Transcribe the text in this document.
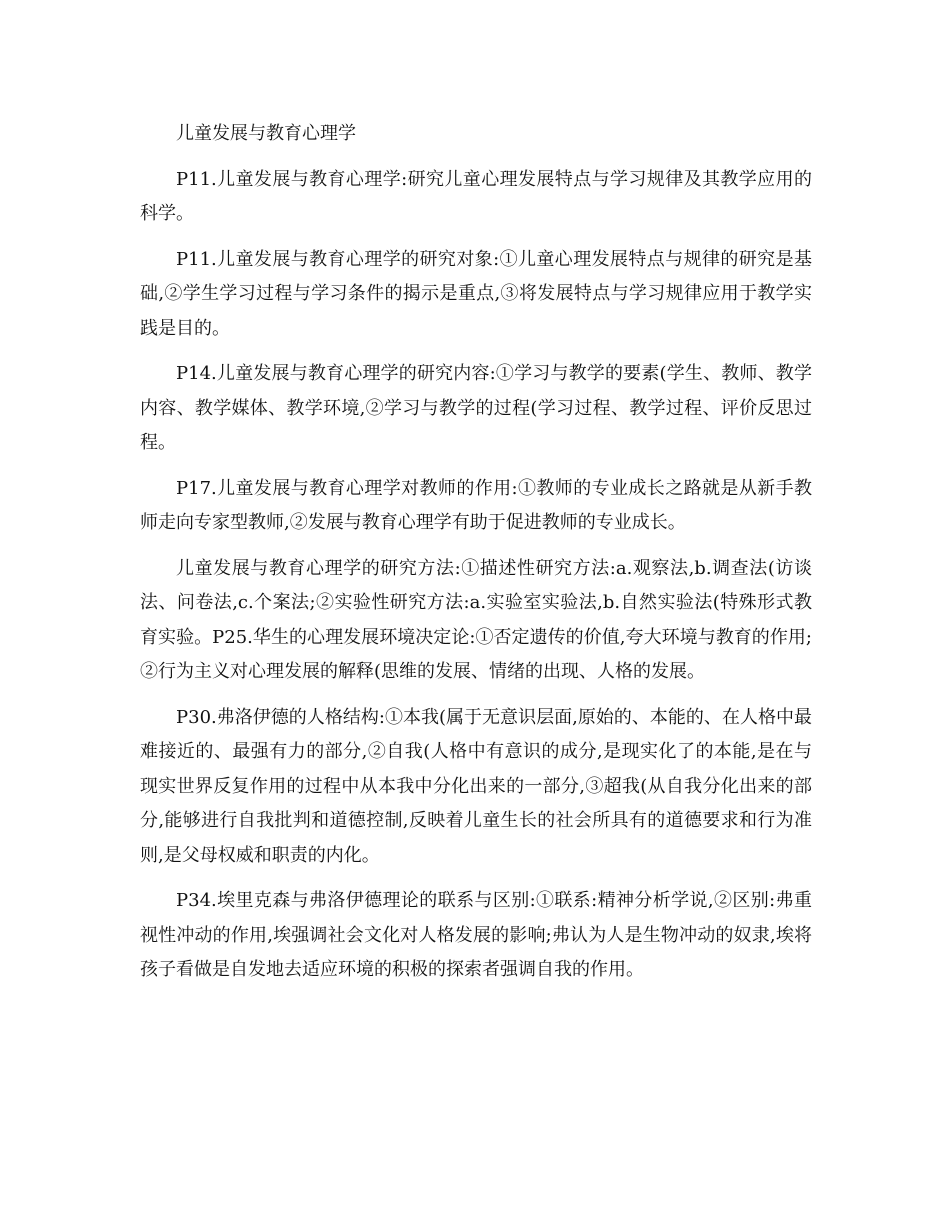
儿童发展与教育心理学

P11.儿童发展与教育心理学:研究儿童心理发展特点与学习规律及其教学应用的科学。

P11.儿童发展与教育心理学的研究对象:①儿童心理发展特点与规律的研究是基础,②学生学习过程与学习条件的揭示是重点,③将发展特点与学习规律应用于教学实践是目的。

P14.儿童发展与教育心理学的研究内容:①学习与教学的要素(学生、教师、教学内容、教学媒体、教学环境,②学习与教学的过程(学习过程、教学过程、评价反思过程。

P17.儿童发展与教育心理学对教师的作用:①教师的专业成长之路就是从新手教师走向专家型教师,②发展与教育心理学有助于促进教师的专业成长。

儿童发展与教育心理学的研究方法:①描述性研究方法:a.观察法,b.调查法(访谈法、问卷法,c.个案法;②实验性研究方法:a.实验室实验法,b.自然实验法(特殊形式教育实验。P25.华生的心理发展环境决定论:①否定遗传的价值,夸大环境与教育的作用;②行为主义对心理发展的解释(思维的发展、情绪的出现、人格的发展。

P30.弗洛伊德的人格结构:①本我(属于无意识层面,原始的、本能的、在人格中最难接近的、最强有力的部分,②自我(人格中有意识的成分,是现实化了的本能,是在与现实世界反复作用的过程中从本我中分化出来的一部分,③超我(从自我分化出来的部分,能够进行自我批判和道德控制,反映着儿童生长的社会所具有的道德要求和行为准则,是父母权威和职责的内化。

P34.埃里克森与弗洛伊德理论的联系与区别:①联系:精神分析学说,②区别:弗重视性冲动的作用,埃强调社会文化对人格发展的影响;弗认为人是生物冲动的奴隶,埃将孩子看做是自发地去适应环境的积极的探索者强调自我的作用。
